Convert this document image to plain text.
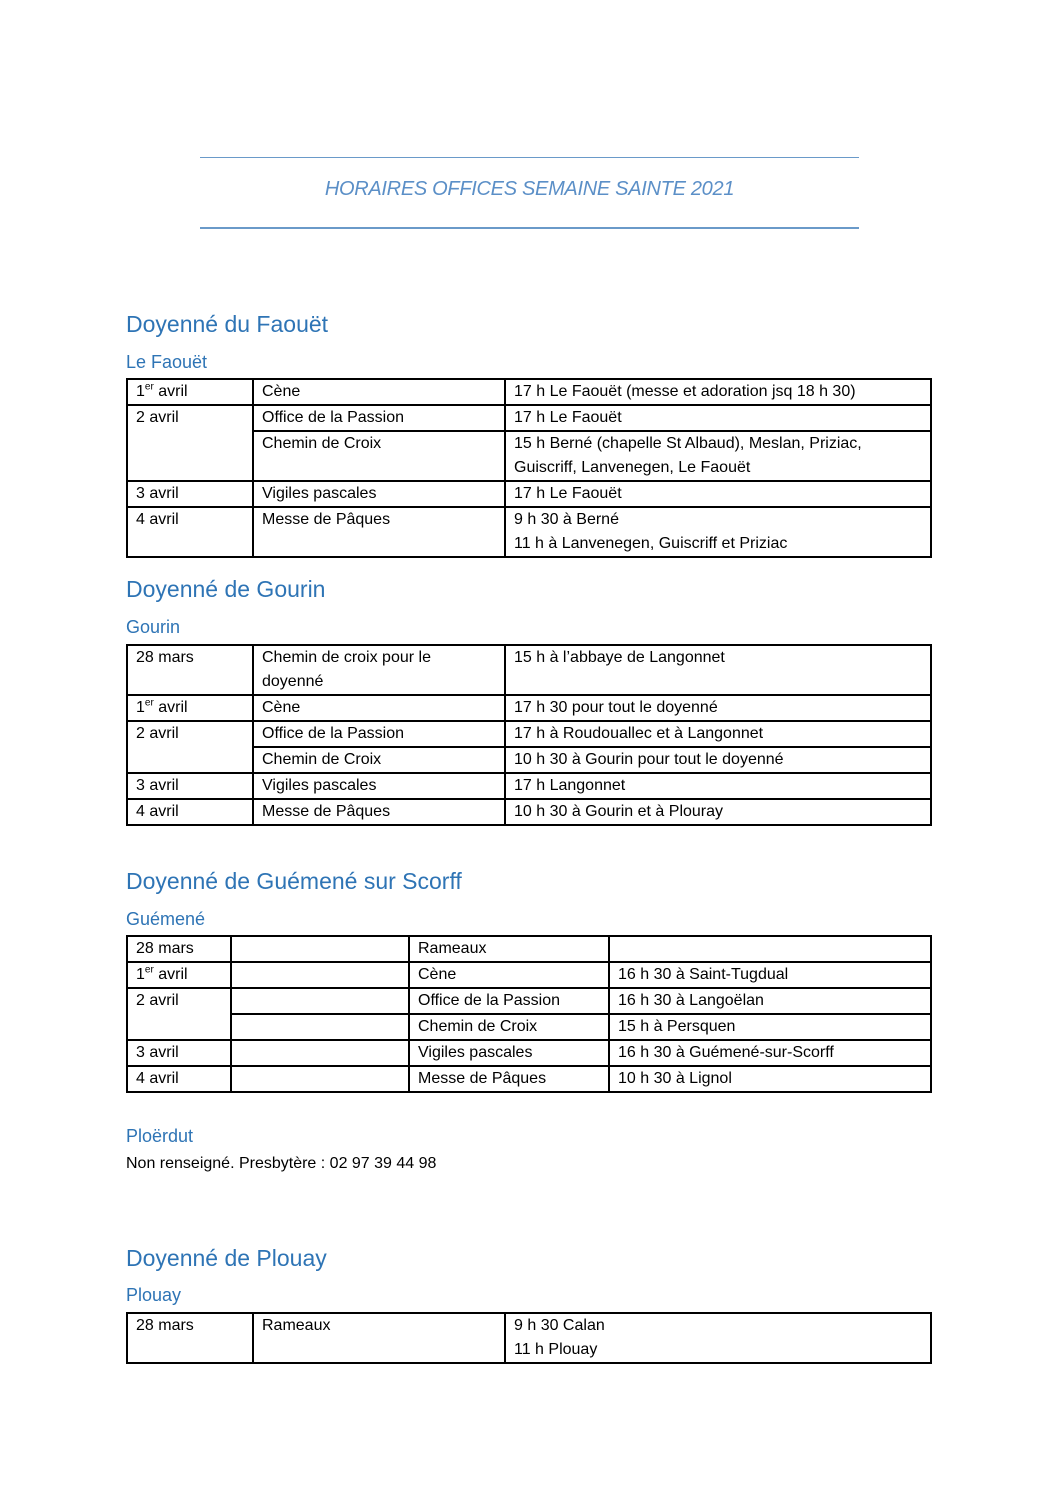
HORAIRES OFFICES SEMAINE SAINTE 2021
Doyenné du Faouët
Le Faouët
1er avril	Cène	17 h Le Faouët (messe et adoration jsq 18 h 30)
2 avril	Office de la Passion	17 h Le Faouët
	Chemin de Croix	15 h Berné (chapelle St Albaud), Meslan, Priziac,
Guiscriff, Lanvenegen, Le Faouët

3 avril	Vigiles pascales	17 h Le Faouët
4 avril	Messe de Pâques	9 h 30 à Berné
11 h à Lanvenegen, Guiscriff et Priziac
Doyenné de Gourin
Gourin
28 mars	Chemin de croix pour le doyenné	15 h à l’abbaye de Langonnet
1er avril	Cène	17 h 30 pour tout le doyenné
2 avril	Office de la Passion	17 h à Roudouallec et à Langonnet
	Chemin de Croix	10 h 30 à Gourin pour tout le doyenné
3 avril	Vigiles pascales	17 h Langonnet
4 avril	Messe de Pâques	10 h 30 à Gourin et à Plouray
Doyenné de Guémené sur Scorff
Guémené
28 mars		Rameaux	
1er avril		Cène	16 h 30 à Saint-Tugdual
2 avril		Office de la Passion	16 h 30 à Langoëlan
		Chemin de Croix	15 h à Persquen
3 avril		Vigiles pascales	16 h 30 à Guémené-sur-Scorff
4 avril		Messe de Pâques	10 h 30 à Lignol
Ploërdut
Non renseigné. Presbytère : 02 97 39 44 98
Doyenné de Plouay
Plouay
28 mars	Rameaux	9 h 30 Calan
11 h Plouay
